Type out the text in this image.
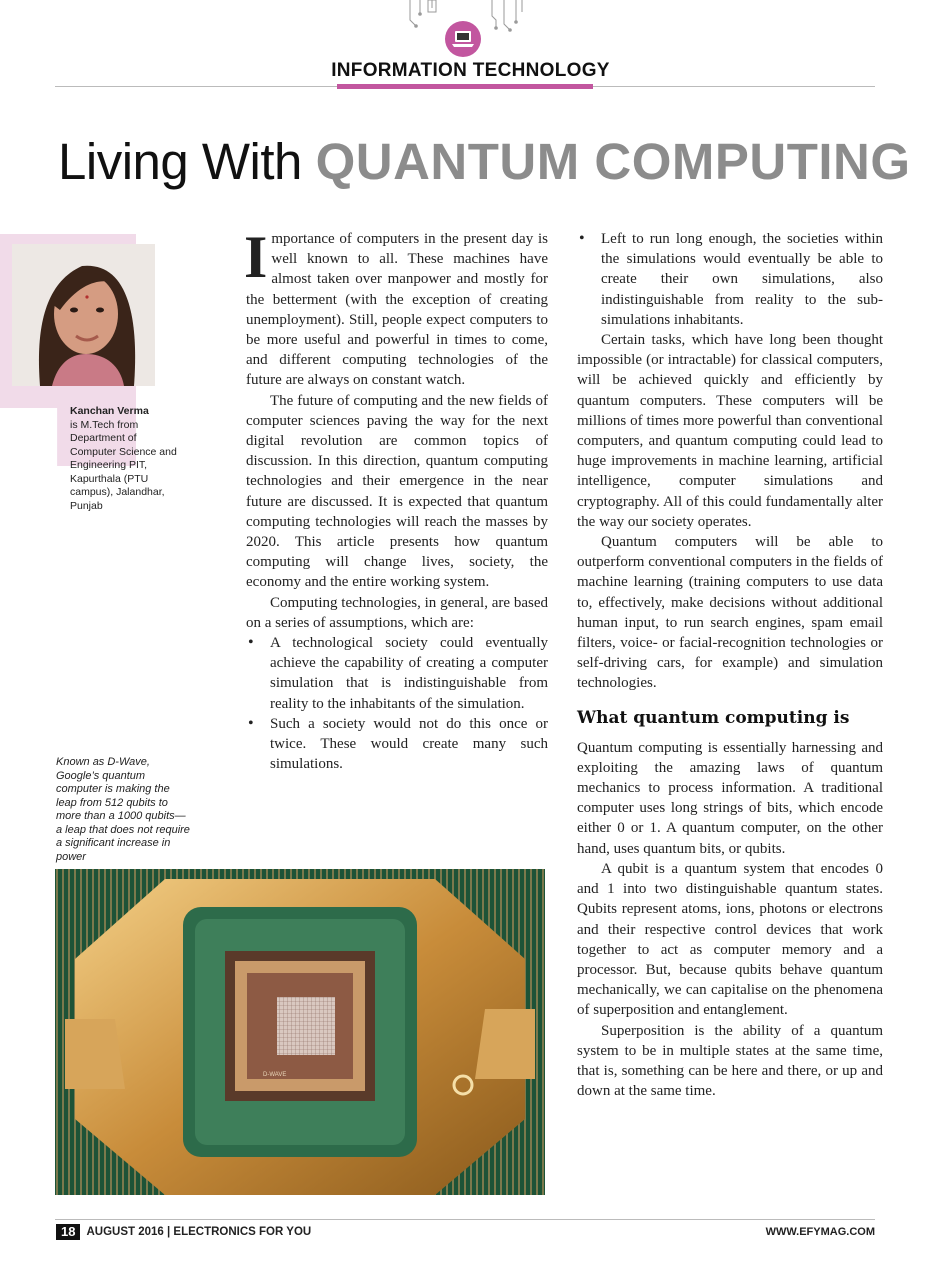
INFORMATION TECHNOLOGY
Living With QUANTUM COMPUTING
Kanchan Verma
is M.Tech from Department of Computer Science and Engineering PIT, Kapurthala (PTU campus), Jalandhar, Punjab
Known as D-Wave, Google’s quantum computer is making the leap from 512 qubits to more than a 1000 qubits—a leap that does not require a significant increase in power
D-WAVE

Importance of computers in the present day is well known to all. These machines have almost taken over manpower and mostly for the betterment (with the exception of creating unemployment). Still, people expect computers to be more useful and powerful in times to come, and different computing technologies of the future are always on constant watch.

The future of computing and the new fields of computer sciences paving the way for the next digital revolution are common topics of discussion. In this direction, quantum computing technologies and their emergence in the near future are discussed. It is expected that quantum computing technologies will reach the masses by 2020. This article presents how quantum computing will change lives, society, the economy and the entire working system.

Computing technologies, in general, are based on a series of assumptions, which are:

• A technological society could eventually achieve the capability of creating a computer simulation that is indistinguishable from reality to the inhabitants of the simulation.
• Such a society would not do this once or twice. These would create many such simulations.
• Left to run long enough, the societies within the simulations would eventually be able to create their own simulations, also indistinguishable from reality to the sub-simulations inhabitants.

Certain tasks, which have long been thought impossible (or intractable) for classical computers, will be achieved quickly and efficiently by quantum computers. These computers will be millions of times more powerful than conventional computers, and quantum computing could lead to huge improvements in machine learning, artificial intelligence, computer simulations and cryptography. All of this could fundamentally alter the way our society operates.

Quantum computers will be able to outperform conventional computers in the fields of machine learning (training computers to use data to, effectively, make decisions without additional human input, to run search engines, spam email filters, voice- or facial-recognition technologies or self-driving cars, for example) and simulation technologies.

What quantum computing is

Quantum computing is essentially harnessing and exploiting the amazing laws of quantum mechanics to process information. A traditional computer uses long strings of bits, which encode either 0 or 1. A quantum computer, on the other hand, uses quantum bits, or qubits.

A qubit is a quantum system that encodes 0 and 1 into two distinguishable quantum states. Qubits represent atoms, ions, photons or electrons and their respective control devices that work together to act as computer memory and a processor. But, because qubits behave quantum mechanically, we can capitalise on the phenomena of superposition and entanglement.

Superposition is the ability of a quantum system to be in multiple states at the same time, that is, something can be here and there, or up and down at the same time.

18 AUGUST 2016 | ELECTRONICS FOR YOU	WWW.EFYMAG.COM
